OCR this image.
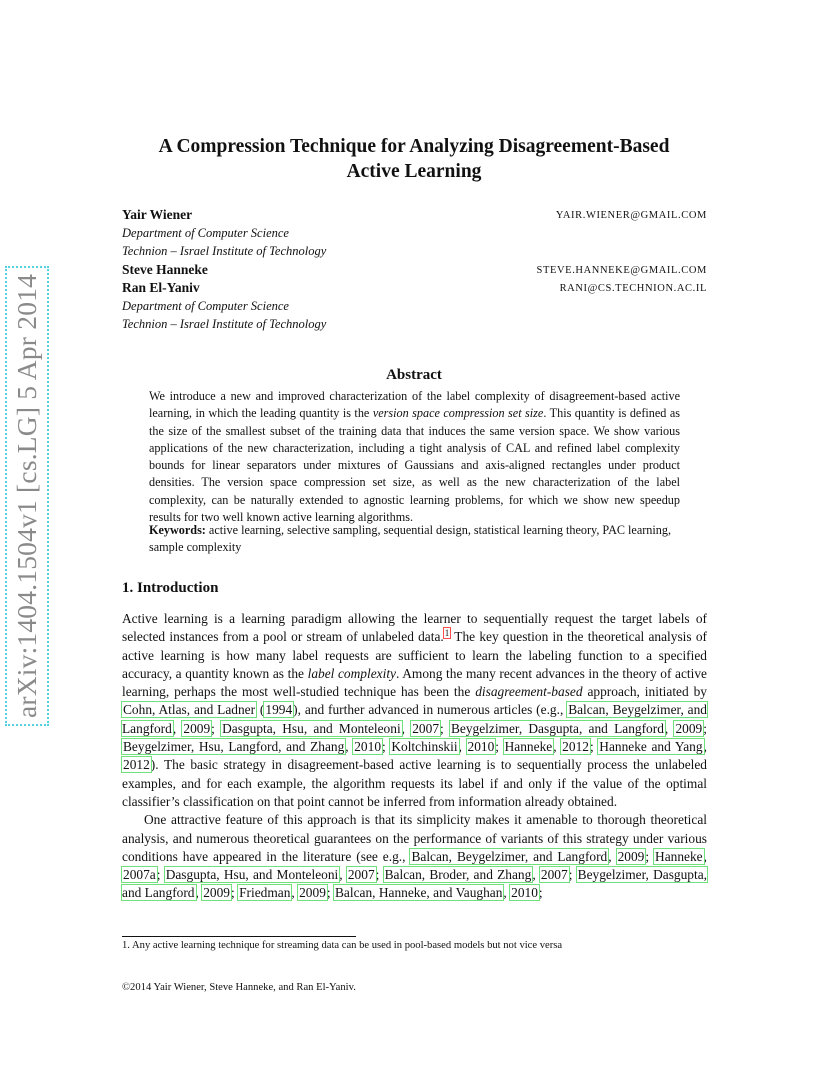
arXiv:1404.1504v1 [cs.LG] 5 Apr 2014
A Compression Technique for Analyzing Disagreement-Based
Active Learning
Yair Wiener	YAIR.WIENER@GMAIL.COM
Department of Computer Science
Technion – Israel Institute of Technology
Steve Hanneke	STEVE.HANNEKE@GMAIL.COM
Ran El-Yaniv	RANI@CS.TECHNION.AC.IL
Department of Computer Science
Technion – Israel Institute of Technology
Abstract

We introduce a new and improved characterization of the label complexity of disagreement-based active learning, in which the leading quantity is the version space compression set size. This quantity is defined as the size of the smallest subset of the training data that induces the same version space. We show various applications of the new characterization, including a tight analysis of CAL and refined label complexity bounds for linear separators under mixtures of Gaussians and axis-aligned rectangles under product densities. The version space compression set size, as well as the new characterization of the label complexity, can be naturally extended to agnostic learning problems, for which we show new speedup results for two well known active learning algorithms.

Keywords: active learning, selective sampling, sequential design, statistical learning theory, PAC learning, sample complexity

1. Introduction

Active learning is a learning paradigm allowing the learner to sequentially request the target labels of selected instances from a pool or stream of unlabeled data.$^1$ The key question in the theoretical analysis of active learning is how many label requests are sufficient to learn the labeling function to a specified accuracy, a quantity known as the label complexity. Among the many recent advances in the theory of active learning, perhaps the most well-studied technique has been the disagreement-based approach, initiated by Cohn, Atlas, and Ladner (1994), and further advanced in numerous articles (e.g., Balcan, Beygelzimer, and Langford, 2009; Dasgupta, Hsu, and Monteleoni, 2007; Beygelzimer, Dasgupta, and Langford, 2009; Beygelzimer, Hsu, Langford, and Zhang, 2010; Koltchinskii, 2010; Hanneke, 2012; Hanneke and Yang, 2012). The basic strategy in disagreement-based active learning is to sequentially process the unlabeled examples, and for each example, the algorithm requests its label if and only if the value of the optimal classifier’s classification on that point cannot be inferred from information already obtained.

One attractive feature of this approach is that its simplicity makes it amenable to thorough theoretical analysis, and numerous theoretical guarantees on the performance of variants of this strategy under various conditions have appeared in the literature (see e.g., Balcan, Beygelzimer, and Langford, 2009; Hanneke, 2007a; Dasgupta, Hsu, and Monteleoni, 2007; Balcan, Broder, and Zhang, 2007; Beygelzimer, Dasgupta, and Langford, 2009; Friedman, 2009; Balcan, Hanneke, and Vaughan, 2010;

1. Any active learning technique for streaming data can be used in pool-based models but not vice versa

©2014 Yair Wiener, Steve Hanneke, and Ran El-Yaniv.
